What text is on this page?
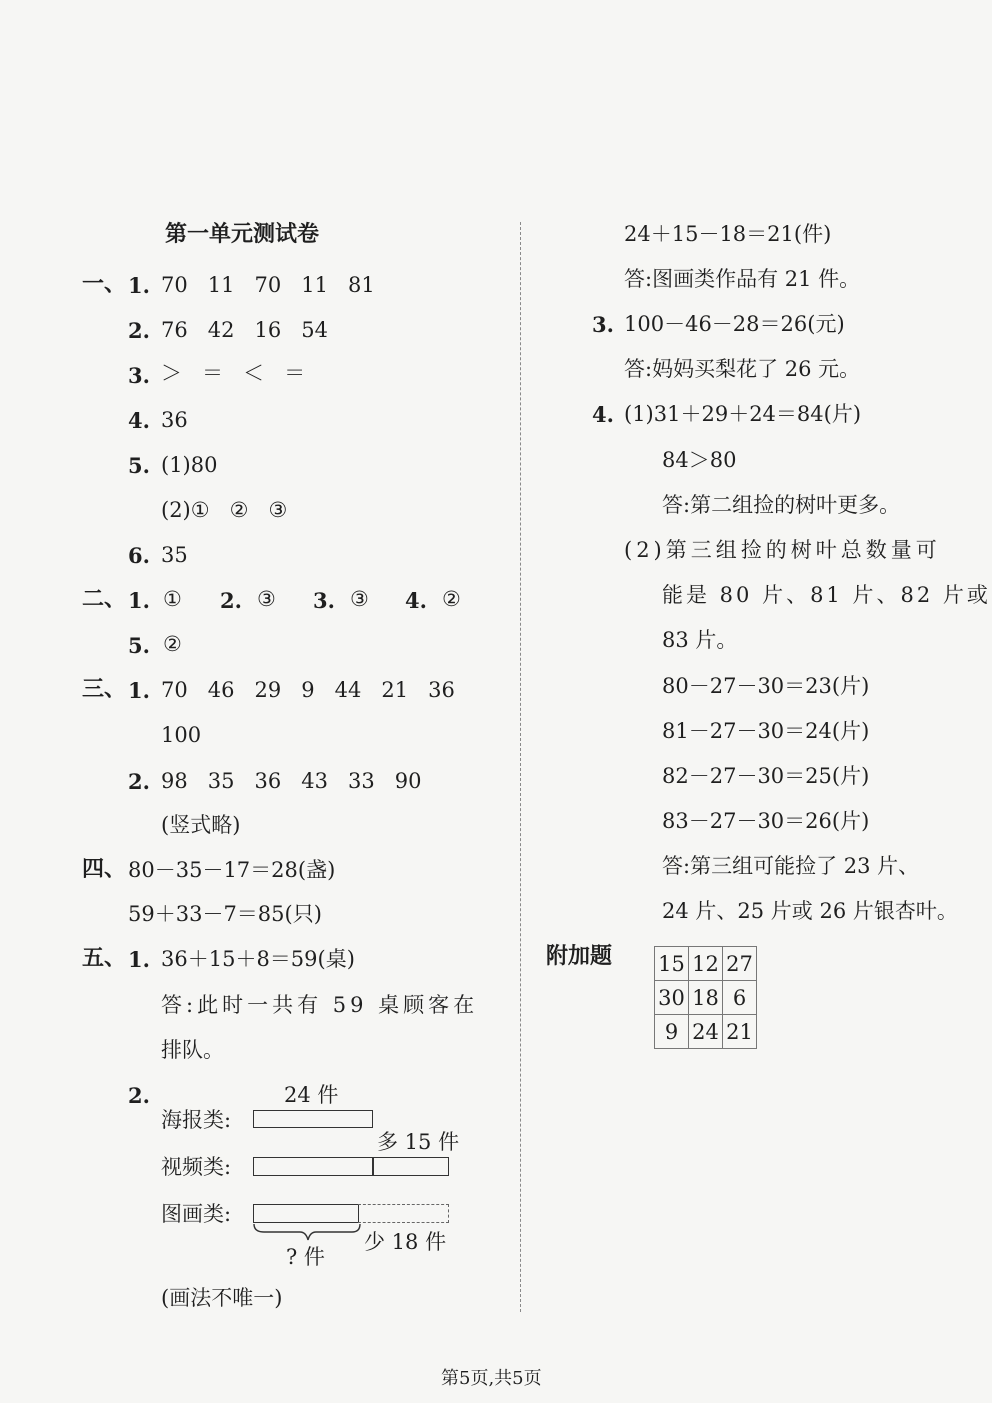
第一单元测试卷
一、 1. 70   11   70   11   81
2. 76   42   16   54
3. ＞   ＝   ＜   ＝
4. 36
5. (1)80
(2)①   ②   ③
6. 35
二、 1. ① 2. ③ 3. ③ 4. ②
5. ②
三、 1. 70   46   29   9   44   21   36
100
2. 98   35   36   43   33   90
(竖式略)
四、 80－35－17＝28(盏)
59＋33－7＝85(只)
五、 1. 36＋15＋8＝59(桌)
答:此时一共有 59 桌顾客在
排队。
2.	24 件
海报类:
多 15 件
视频类:
图画类:
? 件
少 18 件
(画法不唯一)
24＋15－18＝21(件)
答:图画类作品有 21 件。
3. 100－46－28＝26(元)
答:妈妈买梨花了 26 元。
4. (1)31＋29＋24＝84(片)
84＞80
答:第二组捡的树叶更多。
(2)第三组捡的树叶总数量可
能是 80 片、81 片、82 片或
83 片。
80－27－30＝23(片)
81－27－30＝24(片)
82－27－30＝25(片)
83－27－30＝26(片)
答:第三组可能捡了 23 片、
24 片、25 片或 26 片银杏叶。
附加题 15	12	27
30	18	6
9	24	21
第5页,共5页
